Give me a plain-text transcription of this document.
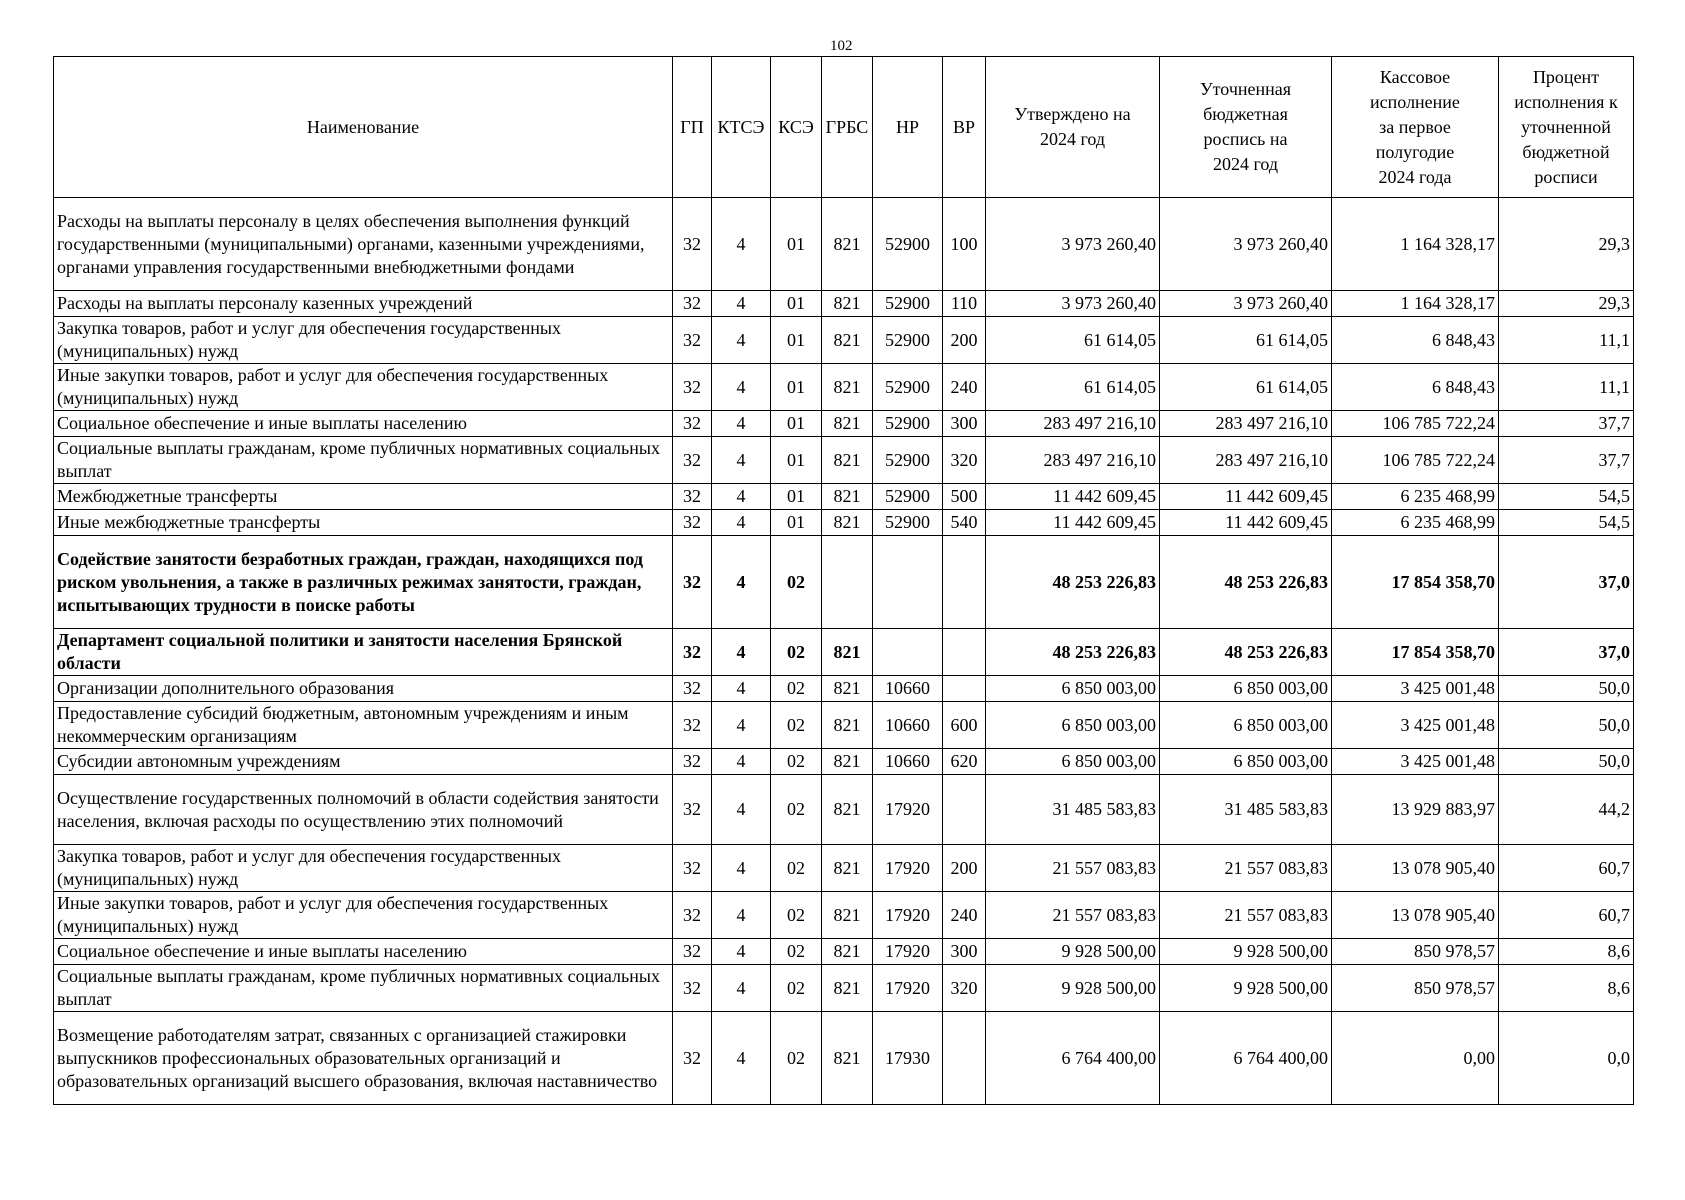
102
Наименование	ГП	КТСЭ	КСЭ	ГРБС	НР	ВР	Утверждено на 2024 год	Уточненная бюджетная роспись на 2024 год	Кассовое исполнение за первое полугодие 2024 года	Процент исполнения к уточненной бюджетной росписи
Расходы на выплаты персоналу в целях обеспечения выполнения функций государственными (муниципальными) органами, казенными учреждениями, органами управления государственными внебюджетными фондами	32	4	01	821	52900	100	3 973 260,40	3 973 260,40	1 164 328,17	29,3
Расходы на выплаты персоналу казенных учреждений	32	4	01	821	52900	110	3 973 260,40	3 973 260,40	1 164 328,17	29,3
Закупка товаров, работ и услуг для обеспечения государственных (муниципальных) нужд	32	4	01	821	52900	200	61 614,05	61 614,05	6 848,43	11,1
Иные закупки товаров, работ и услуг для обеспечения государственных (муниципальных) нужд	32	4	01	821	52900	240	61 614,05	61 614,05	6 848,43	11,1
Социальное обеспечение и иные выплаты населению	32	4	01	821	52900	300	283 497 216,10	283 497 216,10	106 785 722,24	37,7
Социальные выплаты гражданам, кроме публичных нормативных социальных выплат	32	4	01	821	52900	320	283 497 216,10	283 497 216,10	106 785 722,24	37,7
Межбюджетные трансферты	32	4	01	821	52900	500	11 442 609,45	11 442 609,45	6 235 468,99	54,5
Иные межбюджетные трансферты	32	4	01	821	52900	540	11 442 609,45	11 442 609,45	6 235 468,99	54,5
Содействие занятости безработных граждан, граждан, находящихся под риском увольнения, а также в различных режимах занятости, граждан, испытывающих трудности в поиске работы	32	4	02				48 253 226,83	48 253 226,83	17 854 358,70	37,0
Департамент социальной политики и занятости населения Брянской области	32	4	02	821			48 253 226,83	48 253 226,83	17 854 358,70	37,0
Организации дополнительного образования	32	4	02	821	10660		6 850 003,00	6 850 003,00	3 425 001,48	50,0
Предоставление субсидий бюджетным, автономным учреждениям и иным некоммерческим организациям	32	4	02	821	10660	600	6 850 003,00	6 850 003,00	3 425 001,48	50,0
Субсидии автономным учреждениям	32	4	02	821	10660	620	6 850 003,00	6 850 003,00	3 425 001,48	50,0
Осуществление государственных полномочий в области содействия занятости населения, включая расходы по осуществлению этих полномочий	32	4	02	821	17920		31 485 583,83	31 485 583,83	13 929 883,97	44,2
Закупка товаров, работ и услуг для обеспечения государственных (муниципальных) нужд	32	4	02	821	17920	200	21 557 083,83	21 557 083,83	13 078 905,40	60,7
Иные закупки товаров, работ и услуг для обеспечения государственных (муниципальных) нужд	32	4	02	821	17920	240	21 557 083,83	21 557 083,83	13 078 905,40	60,7
Социальное обеспечение и иные выплаты населению	32	4	02	821	17920	300	9 928 500,00	9 928 500,00	850 978,57	8,6
Социальные выплаты гражданам, кроме публичных нормативных социальных выплат	32	4	02	821	17920	320	9 928 500,00	9 928 500,00	850 978,57	8,6
Возмещение работодателям затрат, связанных с организацией стажировки выпускников профессиональных образовательных организаций и образовательных организаций высшего образования, включая наставничество	32	4	02	821	17930		6 764 400,00	6 764 400,00	0,00	0,0
